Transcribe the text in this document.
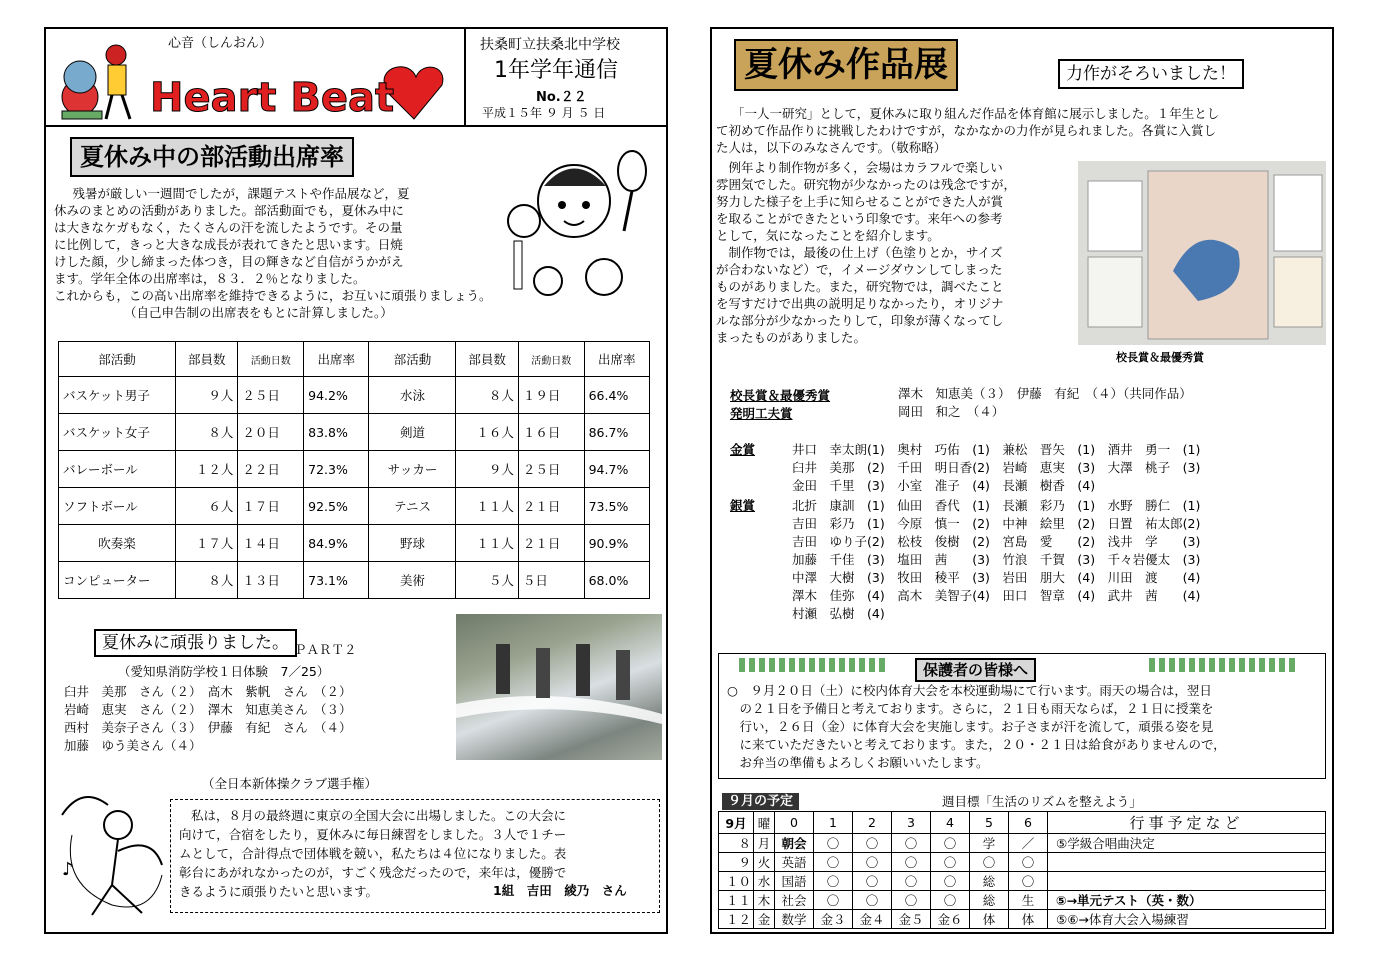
心音（しんおん）
Heart Beat
扶桑町立扶桑北中学校
1年学年通信
No.２２
平成１５年 ９ 月 ５ 日
夏休み中の部活動出席率
　残暑が厳しい一週間でしたが，課題テストや作品展など，夏
休みのまとめの活動がありました。部活動面でも，夏休み中に
は大きなケガもなく，たくさんの汗を流したようです。その量
に比例して，きっと大きな成長が表れてきたと思います。日焼
けした顔，少し締まった体つき，目の輝きなど自信がうかがえ
ます。学年全体の出席率は，８３．２％となりました。
これからも，この高い出席率を維持できるように，お互いに頑張りましょう。
（自己申告制の出席表をもとに計算しました。）
部活動	部員数	活動日数	出席率	部活動	部員数	活動日数	出席率
バスケット男子	９人	２５日	94.2%	水泳	８人	１９日	66.4%
バスケット女子	８人	２０日	83.8%	剣道	１６人	１６日	86.7%
バレーボール	１２人	２２日	72.3%	サッカー	９人	２５日	94.7%
ソフトボール	６人	１７日	92.5%	テニス	１１人	２１日	73.5%
吹奏楽	１７人	１４日	84.9%	野球	１１人	２１日	90.9%
コンピューター	８人	１３日	73.1%	美術	５人	５日	68.0%
夏休みに頑張りました。 ＰＡＲＴ２
（愛知県消防学校１日体験　7／25）
臼井　美那　さん（２）　高木　紫帆　さん　（２）
岩崎　恵実　さん（２）　澤木　知恵美さん　（３）
西村　美奈子さん（３）　伊藤　有紀　さん　（４）
加藤　ゆう美さん（４）
（全日本新体操クラブ選手権）
♪
私は，８月の最終週に東京の全国大会に出場しました。この大会に
向けて，合宿をしたり，夏休みに毎日練習をしました。３人で１チー
ムとして，合計得点で団体戦を競い，私たちは４位になりました。表
彰台にあがれなかったのが，すごく残念だったので，来年は，優勝で
きるように頑張りたいと思います。	1組　吉田　綾乃　さん
夏休み作品展	力作がそろいました！
「一人一研究」として，夏休みに取り組んだ作品を体育館に展示しました。１年生とし
て初めて作品作りに挑戦したわけですが，なかなかの力作が見られました。各賞に入賞し
た人は，以下のみなさんです。（敬称略）
　例年より制作物が多く，会場はカラフルで楽しい
雰囲気でした。研究物が少なかったのは残念ですが，
努力した様子を上手に知らせることができた人が賞
を取ることができたという印象です。来年への参考
として，気になったことを紹介します。
　制作物では，最後の仕上げ（色塗りとか，サイズ
が合わないなど）で，イメージダウンしてしまった
ものがありました。また，研究物では，調べたこと
を写すだけで出典の説明足りなかったり，オリジナ
ルな部分が少なかったりして，印象が薄くなってし
まったものがありました。
校長賞＆最優秀賞
校長賞＆最優秀賞	澤木　知恵美（３）　伊藤　有紀　（４）（共同作品）
発明工夫賞	岡田　和之　（４）
金賞	井口　幸太朗(1)　奥村　巧佑　(1)　兼松　晋矢　(1)　酒井　勇一　(1)
臼井　美那　(2)　千田　明日香(2)　岩崎　恵実　(3)　大澤　桃子　(3)
金田　千里　(3)　小室　准子　(4)　長瀬　樹香　(4)
銀賞	北折　康訓　(1)　仙田　香代　(1)　長瀬　彩乃　(1)　水野　勝仁　(1)
吉田　彩乃　(1)　今原　慎一　(2)　中神　絵里　(2)　日置　祐太郎(2)
吉田　ゆり子(2)　松枝　俊樹　(2)　宮島　愛　　(2)　浅井　学　　(3)
加藤　千佳　(3)　塩田　茜　　(3)　竹浪　千賀　(3)　千々岩優太　(3)
中澤　大樹　(3)　牧田　稜平　(3)　岩田　朋大　(4)　川田　渡　　(4)
澤木　佳弥　(4)　高木　美智子(4)　田口　智章　(4)　武井　茜　　(4)
村瀬　弘樹　(4)
保護者の皆様へ
○　９月２０日（土）に校内体育大会を本校運動場にて行います。雨天の場合は，翌日
　の２１日を予備日と考えております。さらに，２１日も雨天ならば，２１日に授業を
　行い，２６日（金）に体育大会を実施します。お子さまが汗を流して，頑張る姿を見
　に来ていただきたいと考えております。また，２０・２１日は給食がありませんので，
　お弁当の準備もよろしくお願いいたします。
９月の予定	週目標「生活のリズムを整えよう」
9月	曜	0	1	2	3	4	5	6	行事予定など
８	月	朝会	〇	〇	〇	〇	学	／	⑤学級合唱曲決定
９	火	英語	〇	〇	〇	〇	〇	〇	
１０	水	国語	〇	〇	〇	〇	総	〇	
１１	木	社会	〇	〇	〇	〇	総	生	⑤→単元テスト（英・数）
１２	金	数学	金３	金４	金５	金６	体	体	⑤⑥→体育大会入場練習
